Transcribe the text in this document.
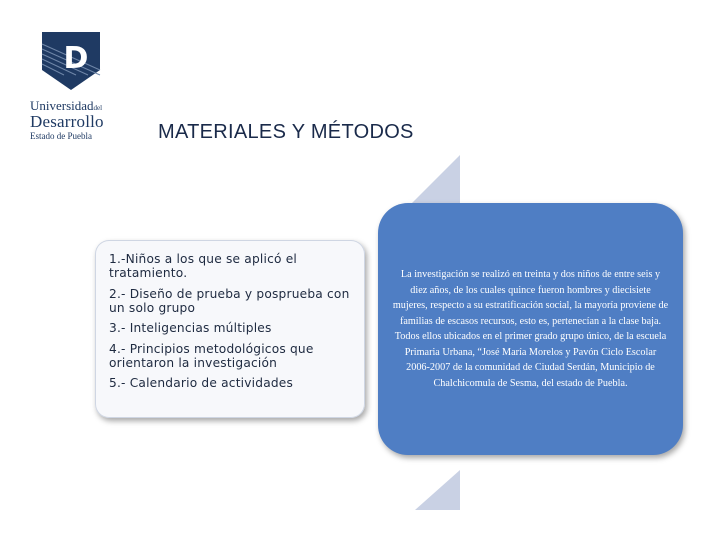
D
Universidaddel
Desarrollo
Estado de Puebla	MATERIALES Y MÉTODOS
1.-Niños a los que se aplicó el tratamiento.
2.- Diseño de prueba y posprueba con un solo grupo
3.- Inteligencias múltiples
4.- Principios metodológicos que orientaron la investigación
5.- Calendario de actividades

La investigación se realizó en treinta y dos niños de entre seis y diez años, de los cuales quince fueron hombres y diecisiete mujeres, respecto a su estratificación social, la mayoría proviene de familias de escasos recursos, esto es, pertenecían a la clase baja. Todos ellos ubicados en el primer grado grupo único, de la escuela Primaria Urbana, “José María Morelos y Pavón Ciclo Escolar 2006-2007 de la comunidad de Ciudad Serdán, Municipio de Chalchicomula de Sesma, del estado de Puebla.
